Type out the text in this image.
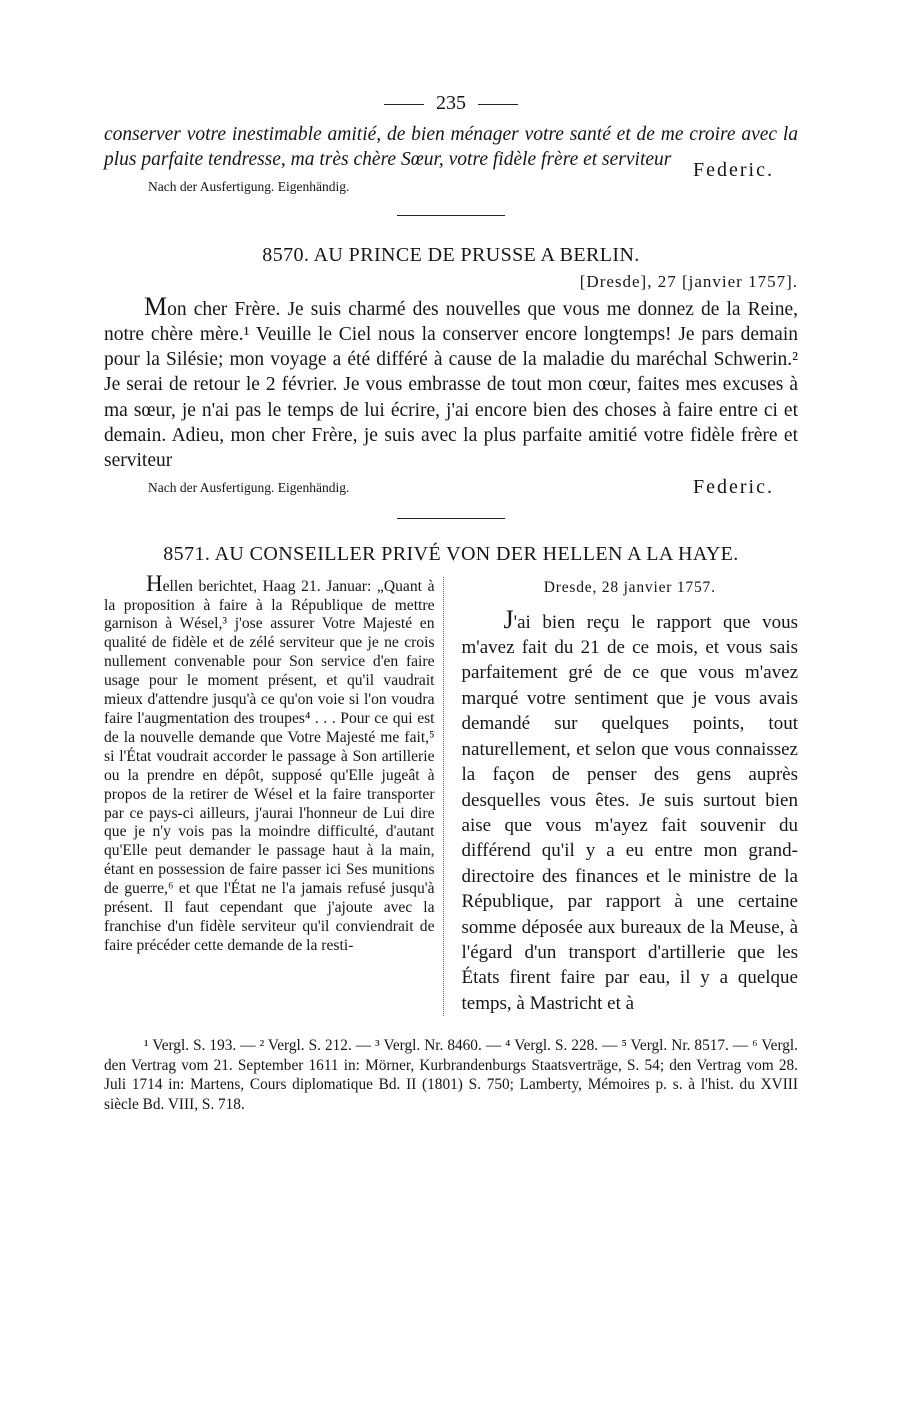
235

conserver votre inestimable amitié, de bien ménager votre santé et de me croire avec la plus parfaite tendresse, ma très chère Sœur, votre fidèle frère et serviteur

Nach der Ausfertigung. Eigenhändig.
Federic.
8570. AU PRINCE DE PRUSSE A BERLIN.
[Dresde], 27 [janvier 1757].

Mon cher Frère. Je suis charmé des nouvelles que vous me donnez de la Reine, notre chère mère.¹ Veuille le Ciel nous la conserver encore longtemps! Je pars demain pour la Silésie; mon voyage a été différé à cause de la maladie du maréchal Schwerin.² Je serai de retour le 2 février. Je vous embrasse de tout mon cœur, faites mes excuses à ma sœur, je n'ai pas le temps de lui écrire, j'ai encore bien des choses à faire entre ci et demain. Adieu, mon cher Frère, je suis avec la plus parfaite amitié votre fidèle frère et serviteur

Nach der Ausfertigung. Eigenhändig.	Federic.
8571. AU CONSEILLER PRIVÉ VON DER HELLEN A LA HAYE.
Hellen berichtet, Haag 21. Januar: „Quant à la proposition à faire à la République de mettre garnison à Wésel,³ j'ose assurer Votre Majesté en qualité de fidèle et de zélé serviteur que je ne crois nullement convenable pour Son service d'en faire usage pour le moment présent, et qu'il vaudrait mieux d'attendre jusqu'à ce qu'on voie si l'on voudra faire l'augmentation des troupes⁴ . . . Pour ce qui est de la nouvelle demande que Votre Majesté me fait,⁵ si l'État voudrait accorder le passage à Son artillerie ou la prendre en dépôt, supposé qu'Elle jugeât à propos de la retirer de Wésel et la faire transporter par ce pays-ci ailleurs, j'aurai l'honneur de Lui dire que je n'y vois pas la moindre difficulté, d'autant qu'Elle peut demander le passage haut à la main, étant en possession de faire passer ici Ses munitions de guerre,⁶ et que l'État ne l'a jamais refusé jusqu'à présent. Il faut cependant que j'ajoute avec la franchise d'un fidèle serviteur qu'il conviendrait de faire précéder cette demande de la resti-
Dresde, 28 janvier 1757.
J'ai bien reçu le rapport que vous m'avez fait du 21 de ce mois, et vous sais parfaitement gré de ce que vous m'avez marqué votre sentiment que je vous avais demandé sur quelques points, tout naturellement, et selon que vous connaissez la façon de penser des gens auprès desquelles vous êtes. Je suis surtout bien aise que vous m'ayez fait souvenir du différend qu'il y a eu entre mon grand-directoire des finances et le ministre de la République, par rapport à une certaine somme déposée aux bureaux de la Meuse, à l'égard d'un transport d'artillerie que les États firent faire par eau, il y a quelque temps, à Mastricht et à
¹ Vergl. S. 193. — ² Vergl. S. 212. — ³ Vergl. Nr. 8460. — ⁴ Vergl. S. 228. — ⁵ Vergl. Nr. 8517. — ⁶ Vergl. den Vertrag vom 21. September 1611 in: Mörner, Kurbrandenburgs Staatsverträge, S. 54; den Vertrag vom 28. Juli 1714 in: Martens, Cours diplomatique Bd. II (1801) S. 750; Lamberty, Mémoires p. s. à l'hist. du XVIII siècle Bd. VIII, S. 718.
